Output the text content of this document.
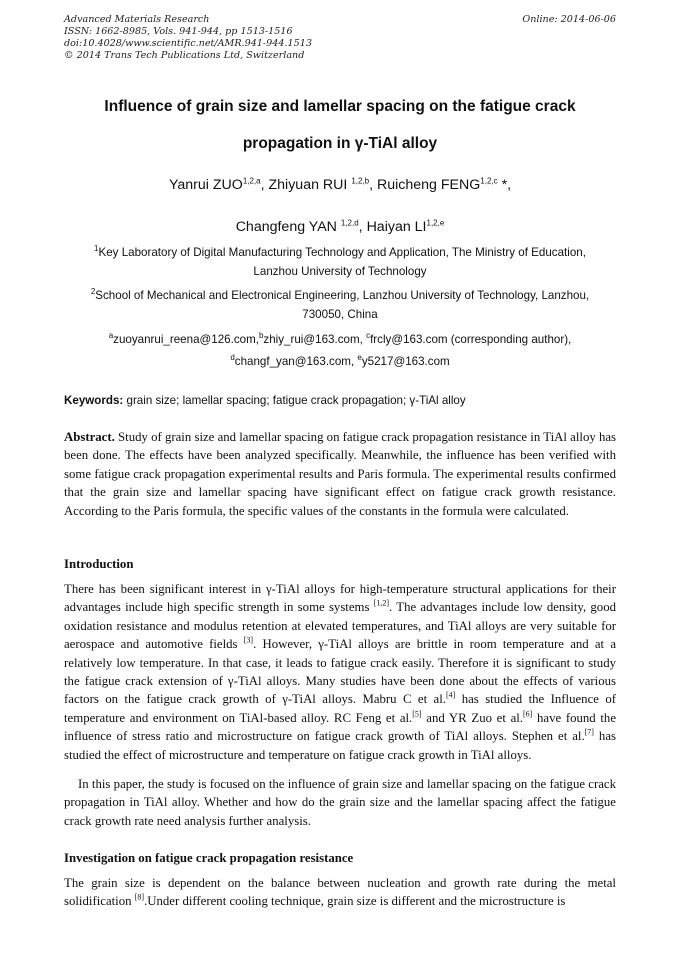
Advanced Materials Research
ISSN: 1662-8985, Vols. 941-944, pp 1513-1516
doi:10.4028/www.scientific.net/AMR.941-944.1513
© 2014 Trans Tech Publications Ltd, Switzerland
Online: 2014-06-06
Influence of grain size and lamellar spacing on the fatigue crack
propagation in γ-TiAl alloy
Yanrui ZUO$^{1,2,a}$, Zhiyuan RUI $^{1,2,b}$, Ruicheng FENG$^{1,2,c}$ *,
Changfeng YAN $^{1,2,d}$, Haiyan LI$^{1,2,e}$
$^1$Key Laboratory of Digital Manufacturing Technology and Application, The Ministry of Education,
Lanzhou University of Technology
$^2$School of Mechanical and Electronical Engineering, Lanzhou University of Technology, Lanzhou,
730050, China
$^a$zuoyanrui_reena@126.com,$^b$zhiy_rui@163.com, $^c$frcly@163.com (corresponding author),
$^d$changf_yan@163.com, $^e$y5217@163.com
Keywords: grain size; lamellar spacing; fatigue crack propagation; γ-TiAl alloy
Abstract. Study of grain size and lamellar spacing on fatigue crack propagation resistance in TiAl alloy has been done. The effects have been analyzed specifically. Meanwhile, the influence has been verified with some fatigue crack propagation experimental results and Paris formula. The experimental results confirmed that the grain size and lamellar spacing have significant effect on fatigue crack growth resistance. According to the Paris formula, the specific values of the constants in the formula were calculated.
Introduction
There has been significant interest in γ-TiAl alloys for high-temperature structural applications for their advantages include high specific strength in some systems [1,2]. The advantages include low density, good oxidation resistance and modulus retention at elevated temperatures, and TiAl alloys are very suitable for aerospace and automotive fields [3]. However, γ-TiAl alloys are brittle in room temperature and at a relatively low temperature. In that case, it leads to fatigue crack easily. Therefore it is significant to study the fatigue crack extension of γ-TiAl alloys. Many studies have been done about the effects of various factors on the fatigue crack growth of γ-TiAl alloys. Mabru C et al.[4] has studied the Influence of temperature and environment on TiAl-based alloy. RC Feng et al.[5] and YR Zuo et al.[6] have found the influence of stress ratio and microstructure on fatigue crack growth of TiAl alloys. Stephen et al.[7] has studied the effect of microstructure and temperature on fatigue crack growth in TiAl alloys.
In this paper, the study is focused on the influence of grain size and lamellar spacing on the fatigue crack propagation in TiAl alloy. Whether and how do the grain size and the lamellar spacing affect the fatigue crack growth rate need analysis further analysis.
Investigation on fatigue crack propagation resistance
The grain size is dependent on the balance between nucleation and growth rate during the metal solidification [8].Under different cooling technique, grain size is different and the microstructure is
